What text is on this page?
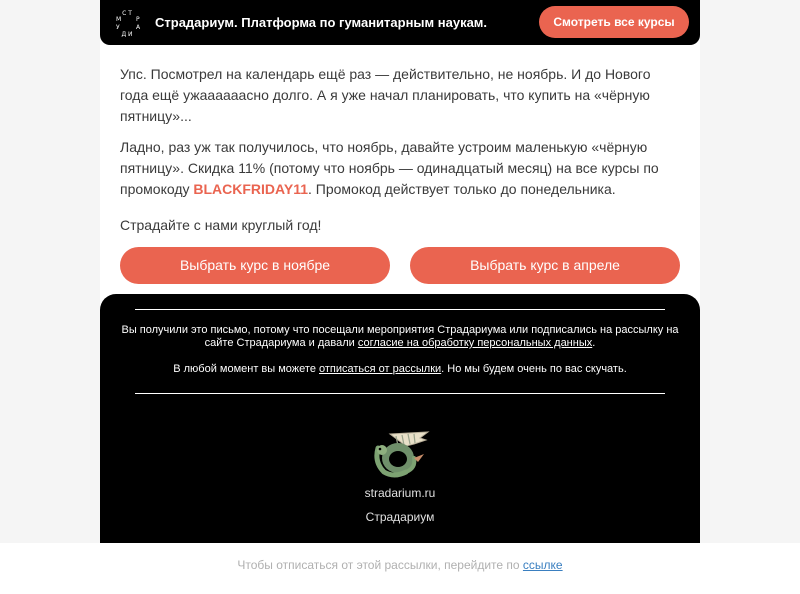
С Т
М Р
У	А
Д И
Страдариум. Платформа по гуманитарным наукам.	Смотреть все курсы

Упс. Посмотрел на календарь ещё раз — действительно, не ноябрь. И до Нового года ещё ужаааааасно долго. А я уже начал планировать, что купить на «чёрную пятницу»...

Ладно, раз уж так получилось, что ноябрь, давайте устроим маленькую «чёрную пятницу». Скидка 11% (потому что ноябрь — одинадцатый месяц) на все курсы по промокоду BLACKFRIDAY11. Промокод действует только до понедельника.

Страдайте с нами круглый год!

Выбрать курс в ноябре	Выбрать курс в апреле
Вы получили это письмо, потому что посещали мероприятия Страдариума или подписались на рассылку на сайте Страдариума и давали согласие на обработку персональных данных.
В любой момент вы можете отписаться от рассылки. Но мы будем очень по вас скучать.
stradarium.ru
Страдариум
Чтобы отписаться от этой рассылки, перейдите по ссылке
